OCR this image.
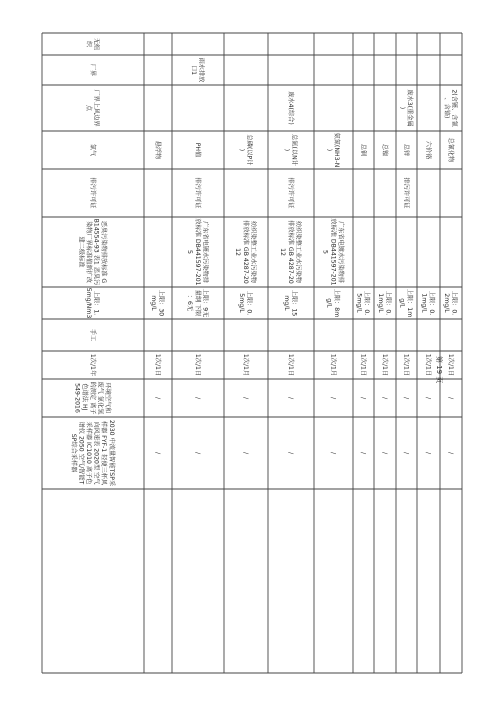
2(含镀、含氰、含铬)
总氰化物
上限：0.2mg/L
1次/1日
/
/
六价铬
上限：0.1mg/L
1次/1日
/
/
废水3(重金属)
总锌
排污许可证
上限：1mg/L
1次/1日
/
/
总镍
上限：0.1mg/L
1次/1日
/
/
总铜
上限：0.5mg/L
1次/1日
/
/
氨氮(NH3-N)
广东省电镀水污染物排放标准 DB441597-2015
上限：8mg/L
1次/1月
/
/
废水4(综合)
总氮(以N计)
排污许可证
纺织染整工业水污染物排放标准 GB 4287-2012
上限：15mg/L
1次/1日
/
/
总磷(以P计)
纺织染整工业水污染物排放标准 GB 4287-2012
上限：0.5mg/L
1次/1月
/
/
雨水排放口1
PH值
排污许可证
广东省电镀水污染物排放标准 DB441597-2015
上限：9无量纲 下限：6无
1次/1日
/
/
悬浮物
上限：30mg/L
1次/1日
/
/
无组织
厂界
厂界上风边界点
氯气
排污许可证
恶臭污染物排放标准 GB14554-93 表1 恶臭污染物厂界标准值新扩改建二级标准
上限：1.5mg/Nm3
手工
1次/1年
环境空气和废气 氯化氢的测定 离子色谱法 HJ 549-2016
2030 中流量智能TSP采样器 FYF-1 轻便三杯风向风速表 2020型 空气采样器 IC1010 离子色谱仪 2050 空气/智能TSP综合采样器
第 19 页
